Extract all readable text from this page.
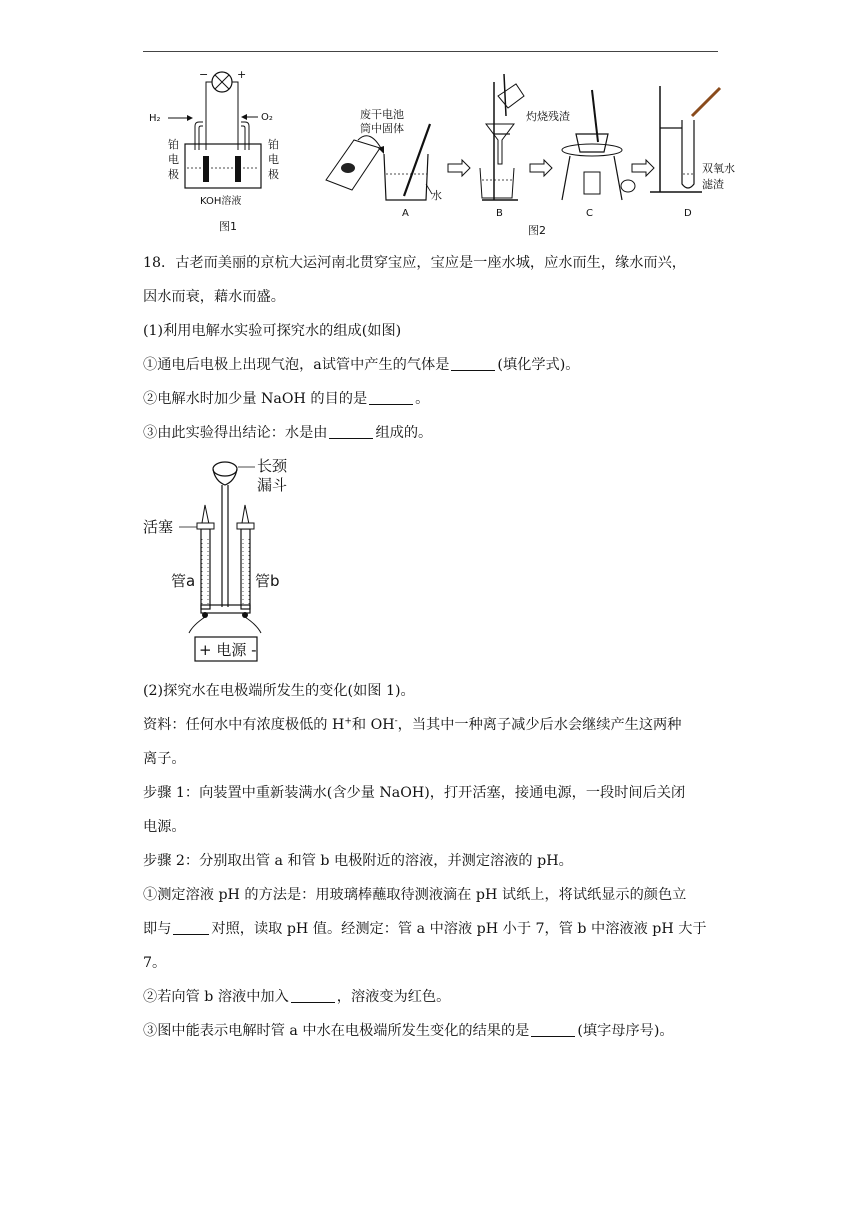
−	+
H₂	O₂
铂
电
极
铂
电
极
KOH溶液
图1
废干电池
筒中固体
水
A	B
灼烧残渣
C
双氧水
滤渣
D
图2
18．古老而美丽的京杭大运河南北贯穿宝应，宝应是一座水城，应水而生，缘水而兴，
因水而衰，藉水而盛。
(1)利用电解水实验可探究水的组成(如图)
①通电后电极上出现气泡，a试管中产生的气体是	(填化学式)。
②电解水时加少量 NaOH 的目的是	。
③由此实验得出结论：水是由	组成的。
长颈
漏斗
活塞
管a	管b
+ 电源 -
(2)探究水在电极端所发生的变化(如图 1)。
资料：任何水中有浓度极低的 H+和 OH-，当其中一种离子减少后水会继续产生这两种
离子。
步骤 1：向装置中重新装满水(含少量 NaOH)，打开活塞，接通电源，一段时间后关闭
电源。
步骤 2：分别取出管 a 和管 b 电极附近的溶液，并测定溶液的 pH。
①测定溶液 pH 的方法是：用玻璃棒蘸取待测液滴在 pH 试纸上，将试纸显示的颜色立
即与	对照，读取 pH 值。经测定：管 a 中溶液 pH 小于 7，管 b 中溶液液 pH 大于
7。
②若向管 b 溶液中加入	，溶液变为红色。
③图中能表示电解时管 a 中水在电极端所发生变化的结果的是	(填字母序号)。
